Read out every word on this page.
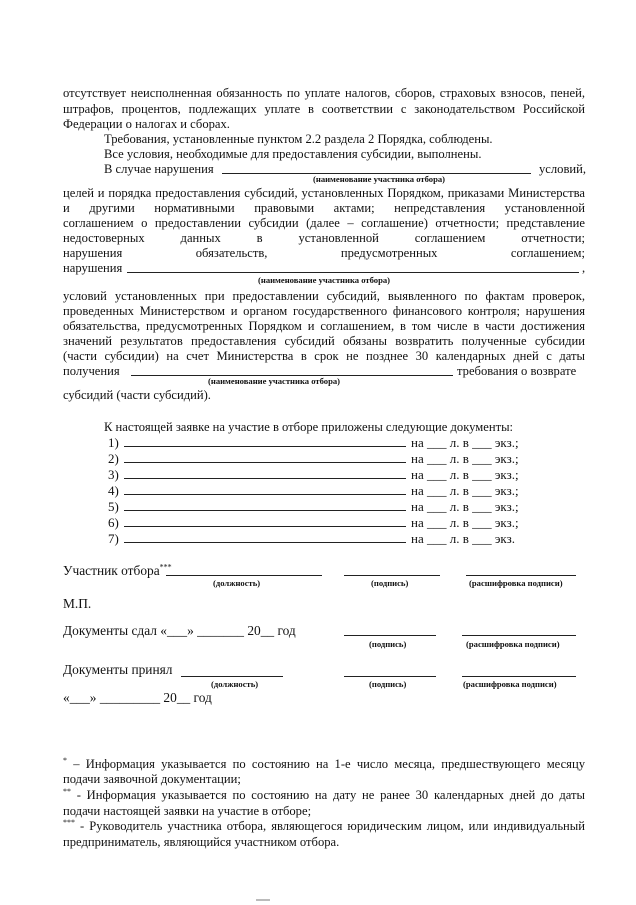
отсутствует неисполненная обязанность по уплате налогов, сборов, страховых взносов, пеней,
штрафов, процентов, подлежащих уплате в соответствии с законодательством Российской
Федерации о налогах и сборах.
Требования, установленные пунктом 2.2 раздела 2 Порядка, соблюдены.
Все условия, необходимые для предоставления субсидии, выполнены.
В случае нарушения	условий,
(наименование участника отбора)
целей и порядка предоставления субсидий, установленных Порядком, приказами Министерства
и другими нормативными правовыми актами; непредставления установленной
соглашением о предоставлении субсидии (далее – соглашение) отчетности; представление
недостоверных данных в установленной соглашением отчетности;
нарушения обязательств, предусмотренных соглашением;
нарушения	,
(наименование участника отбора)
условий установленных при предоставлении субсидий, выявленного по фактам проверок,
проведенных Министерством и органом государственного финансового контроля; нарушения
обязательства, предусмотренных Порядком и соглашением, в том числе в части достижения
значений результатов предоставления субсидий обязаны возвратить полученные субсидии
(части субсидии) на счет Министерства в срок не позднее 30 календарных дней с даты
получения	требования о возврате
(наименование участника отбора)
субсидий (части субсидий).
К настоящей заявке на участие в отборе приложены следующие документы:
1)	на ___ л. в ___ экз.;
2)	на ___ л. в ___ экз.;
3)	на ___ л. в ___ экз.;
4)	на ___ л. в ___ экз.;
5)	на ___ л. в ___ экз.;
6)	на ___ л. в ___ экз.;
7)	на ___ л. в ___ экз.
Участник отбора***
(должность)	(подпись)	(расшифровка подписи)
М.П.
Документы сдал «___» _______ 20__ год
(подпись)	(расшифровка подписи)
Документы принял
(должность)	(подпись)	(расшифровка подписи)
«___» _________ 20__ год
* – Информация указывается по состоянию на 1-е число месяца, предшествующего месяцу
подачи заявочной документации;
** - Информация указывается по состоянию на дату не ранее 30 календарных дней до даты
подачи настоящей заявки на участие в отборе;
*** - Руководитель участника отбора, являющегося юридическим лицом, или индивидуальный
предприниматель, являющийся участником отбора.
